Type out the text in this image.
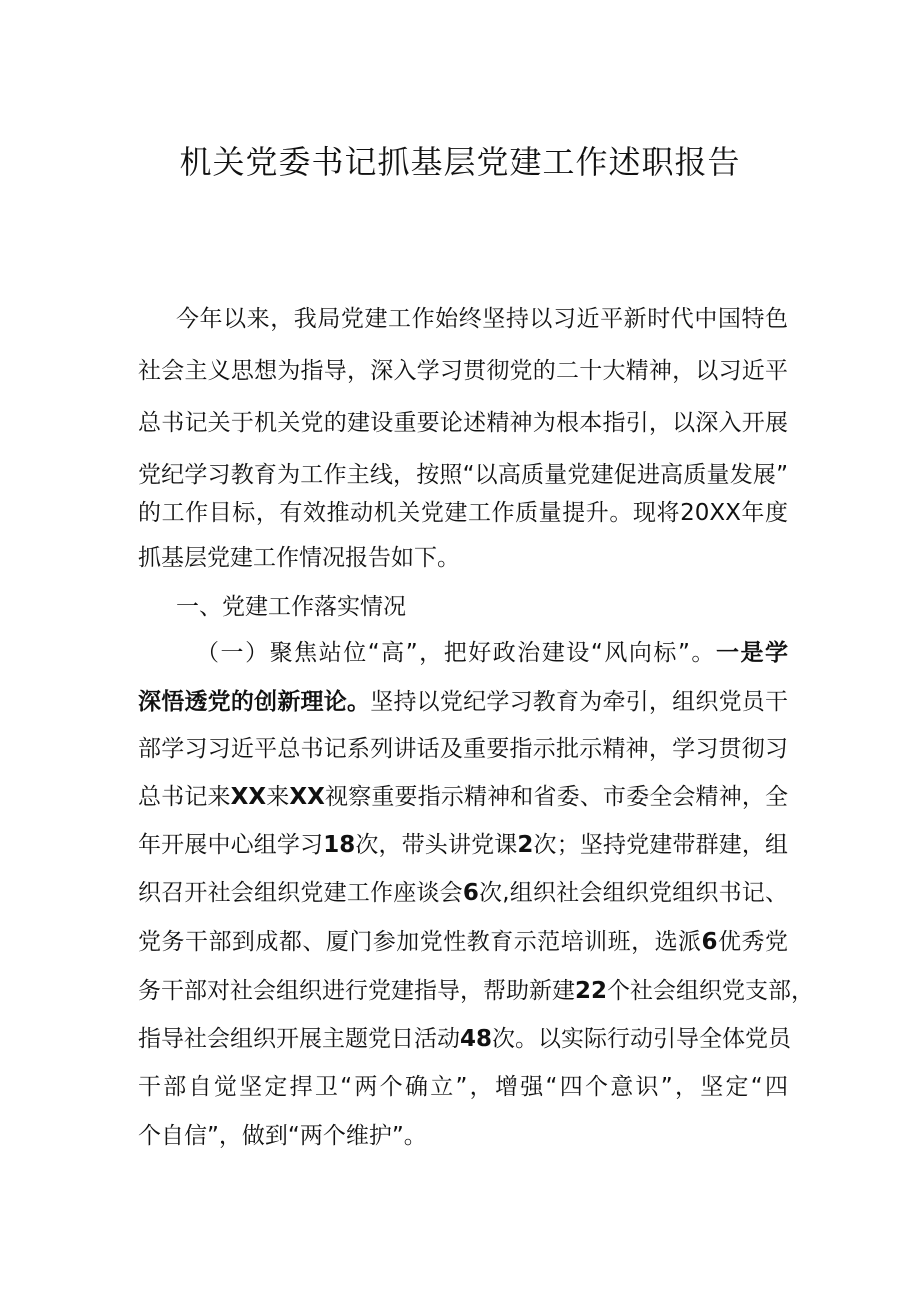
机关党委书记抓基层党建工作述职报告
今年以来，我局党建工作始终坚持以习近平新时代中国特色
社会主义思想为指导，深入学习贯彻党的二十大精神，以习近平
总书记关于机关党的建设重要论述精神为根本指引，以深入开展
党纪学习教育为工作主线，按照“以高质量党建促进高质量发展”
的工作目标，有效推动机关党建工作质量提升。现将20XX年度
抓基层党建工作情况报告如下。
一、党建工作落实情况
（一）聚焦站位“高”，把好政治建设“风向标”。一是学
深悟透党的创新理论。坚持以党纪学习教育为牵引，组织党员干
部学习习近平总书记系列讲话及重要指示批示精神，学习贯彻习
总书记来XX来XX视察重要指示精神和省委、市委全会精神，全
年开展中心组学习18次，带头讲党课2次；坚持党建带群建，组
织召开社会组织党建工作座谈会6次,组织社会组织党组织书记、
党务干部到成都、厦门参加党性教育示范培训班，选派6优秀党
务干部对社会组织进行党建指导，帮助新建22个社会组织党支部，
指导社会组织开展主题党日活动48次。以实际行动引导全体党员
干部自觉坚定捍卫“两个确立”，增强“四个意识”，坚定“四
个自信”，做到“两个维护”。
